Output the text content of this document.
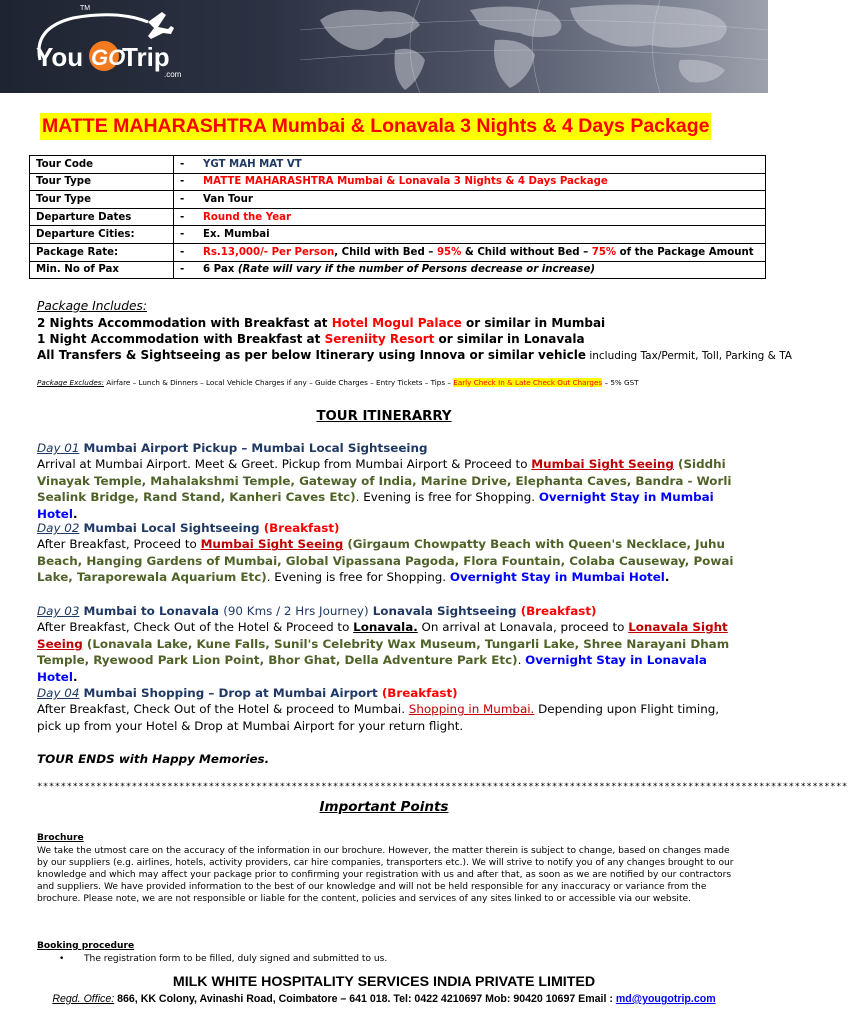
TM
You GO
Trip
.com
MATTE MAHARASHTRA Mumbai & Lonavala 3 Nights & 4 Days Package
Tour Code	-	YGT MAH MAT VT
Tour Type	-	MATTE MAHARASHTRA Mumbai & Lonavala 3 Nights & 4 Days Package
Tour Type	-	Van Tour
Departure Dates	-	Round the Year
Departure Cities:	-	Ex. Mumbai
Package Rate:	-	Rs.13,000/- Per Person, Child with Bed – 95% & Child without Bed – 75% of the Package Amount
Min. No of Pax	-	6 Pax (Rate will vary if the number of Persons decrease or increase)
Package Includes:
2 Nights Accommodation with Breakfast at Hotel Mogul Palace or similar in Mumbai
1 Night Accommodation with Breakfast at Sereniity Resort or similar in Lonavala
All Transfers & Sightseeing as per below Itinerary using Innova or similar vehicle including Tax/Permit, Toll, Parking & TA
Package Excludes: Airfare – Lunch & Dinners – Local Vehicle Charges if any – Guide Charges – Entry Tickets – Tips – Early Check In & Late Check Out Charges – 5% GST
TOUR ITINERARRY
Day 01 Mumbai Airport Pickup – Mumbai Local Sightseeing
Arrival at Mumbai Airport. Meet & Greet. Pickup from Mumbai Airport & Proceed to Mumbai Sight Seeing (Siddhi Vinayak Temple, Mahalakshmi Temple, Gateway of India, Marine Drive, Elephanta Caves, Bandra - Worli Sealink Bridge, Rand Stand, Kanheri Caves Etc). Evening is free for Shopping. Overnight Stay in Mumbai Hotel.
Day 02 Mumbai Local Sightseeing (Breakfast)
After Breakfast, Proceed to Mumbai Sight Seeing (Girgaum Chowpatty Beach with Queen's Necklace, Juhu Beach, Hanging Gardens of Mumbai, Global Vipassana Pagoda, Flora Fountain, Colaba Causeway, Powai Lake, Taraporewala Aquarium Etc). Evening is free for Shopping. Overnight Stay in Mumbai Hotel.
Day 03 Mumbai to Lonavala (90 Kms / 2 Hrs Journey) Lonavala Sightseeing (Breakfast)
After Breakfast, Check Out of the Hotel & Proceed to Lonavala. On arrival at Lonavala, proceed to Lonavala Sight Seeing (Lonavala Lake, Kune Falls, Sunil's Celebrity Wax Museum, Tungarli Lake, Shree Narayani Dham Temple, Ryewood Park Lion Point, Bhor Ghat, Della Adventure Park Etc). Overnight Stay in Lonavala Hotel.
Day 04 Mumbai Shopping – Drop at Mumbai Airport (Breakfast)
After Breakfast, Check Out of the Hotel & proceed to Mumbai. Shopping in Mumbai. Depending upon Flight timing, pick up from your Hotel & Drop at Mumbai Airport for your return flight.
TOUR ENDS with Happy Memories.
*****************************************************************************************************************************************
Important Points
Brochure
We take the utmost care on the accuracy of the information in our brochure. However, the matter therein is subject to change, based on changes made by our suppliers (e.g. airlines, hotels, activity providers, car hire companies, transporters etc.). We will strive to notify you of any changes brought to our knowledge and which may affect your package prior to confirming your registration with us and after that, as soon as we are notified by our contractors and suppliers. We have provided information to the best of our knowledge and will not be held responsible for any inaccuracy or variance from the brochure. Please note, we are not responsible or liable for the content, policies and services of any sites linked to or accessible via our website.
Booking procedure
• The registration form to be filled, duly signed and submitted to us.
MILK WHITE HOSPITALITY SERVICES INDIA PRIVATE LIMITED
Regd. Office: 866, KK Colony, Avinashi Road, Coimbatore – 641 018. Tel: 0422 4210697 Mob: 90420 10697 Email : md@yougotrip.com
